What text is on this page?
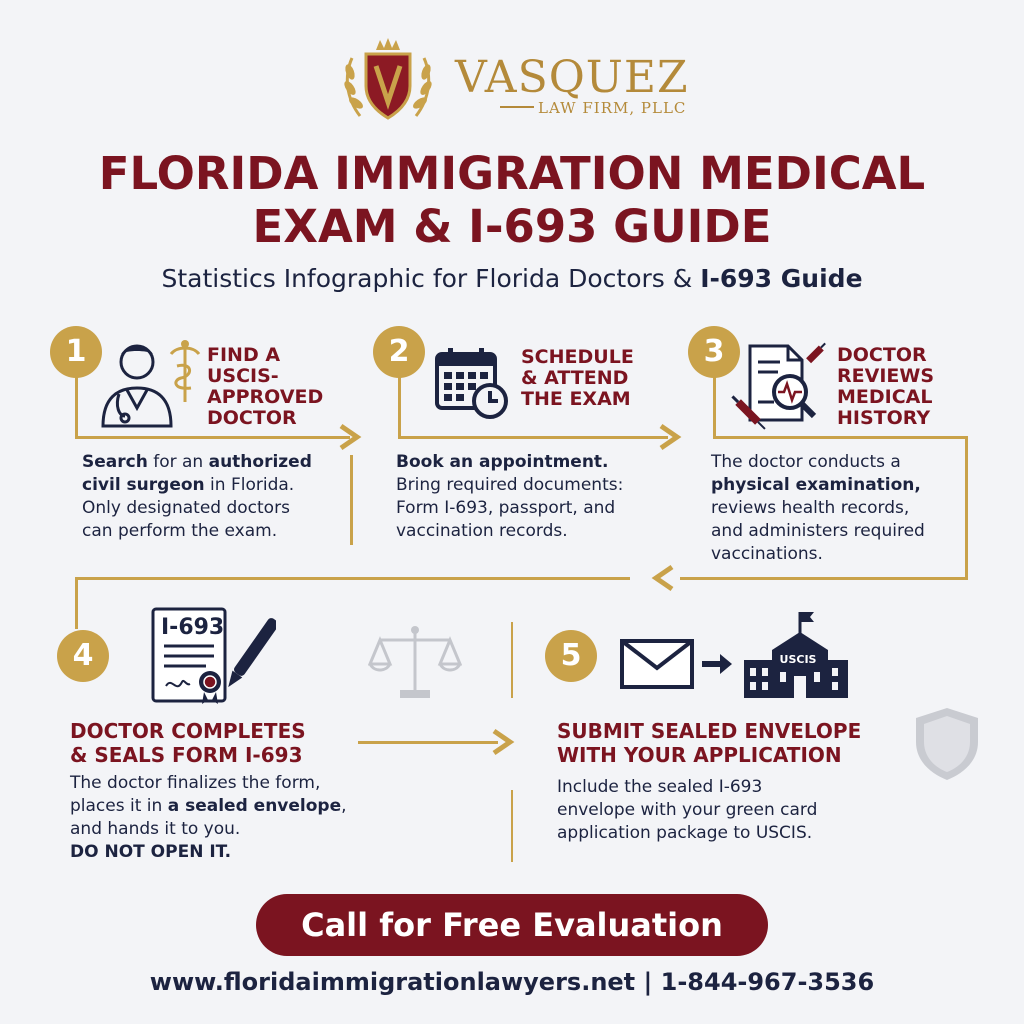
VASQUEZ
LAW FIRM, PLLC
FLORIDA IMMIGRATION MEDICAL
EXAM & I-693 GUIDE
Statistics Infographic for Florida Doctors & I-693 Guide
1	FIND A
USCIS-
APPROVED
DOCTOR
Search for an authorized
civil surgeon in Florida.
Only designated doctors
can perform the exam.
2	SCHEDULE
& ATTEND
THE EXAM
Book an appointment.
Bring required documents:
Form I-693, passport, and
vaccination records.
3	DOCTOR
REVIEWS
MEDICAL
HISTORY
The doctor conducts a
physical examination,
reviews health records,
and administers required
vaccinations.
4
I-693
DOCTOR COMPLETES
& SEALS FORM I-693
The doctor finalizes the form,
places it in a sealed envelope,
and hands it to you.
DO NOT OPEN IT.
5	USCIS
SUBMIT SEALED ENVELOPE
WITH YOUR APPLICATION
Include the sealed I-693
envelope with your green card
application package to USCIS.
Call for Free Evaluation
www.floridaimmigrationlawyers.net | 1-844-967-3536
